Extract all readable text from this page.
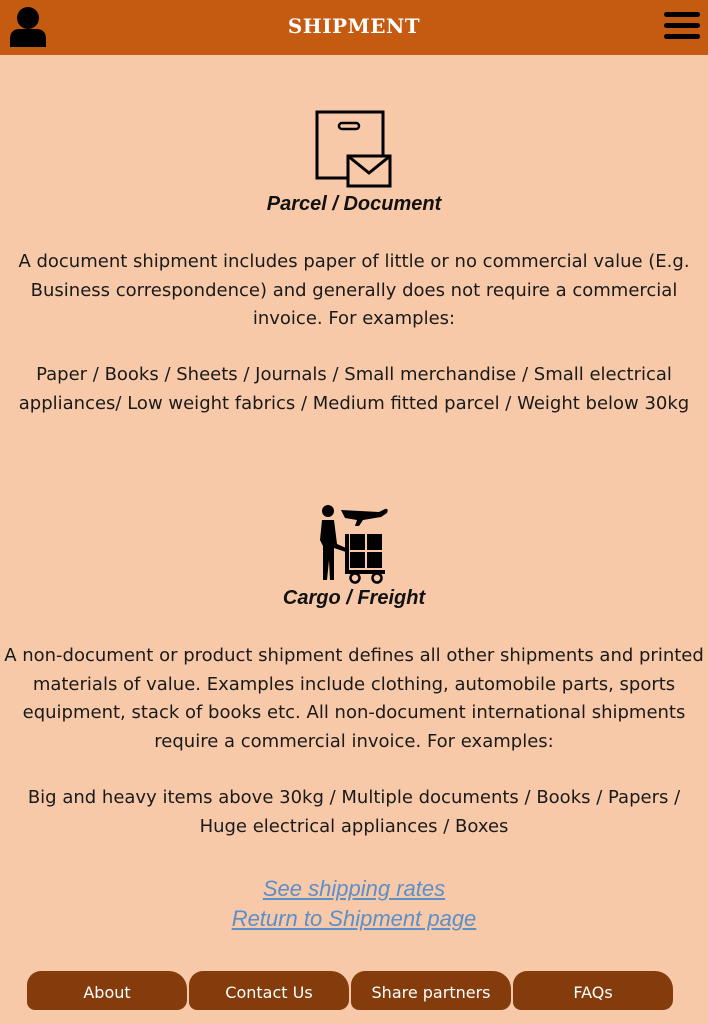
SHIPMENT
Parcel / Document

A document shipment includes paper of little or no commercial value (E.g. Business correspondence) and generally does not require a commercial invoice. For examples:

Paper / Books / Sheets / Journals / Small merchandise / Small electrical appliances/ Low weight fabrics / Medium fitted parcel / Weight below 30kg

Cargo / Freight

A non-document or product shipment defines all other shipments and printed materials of value. Examples include clothing, automobile parts, sports equipment, stack of books etc. All non-document international shipments require a commercial invoice. For examples:

Big and heavy items above 30kg / Multiple documents / Books / Papers / Huge electrical appliances / Boxes

See shipping rates
Return to Shipment page
About	Contact Us	Share partners	FAQs
